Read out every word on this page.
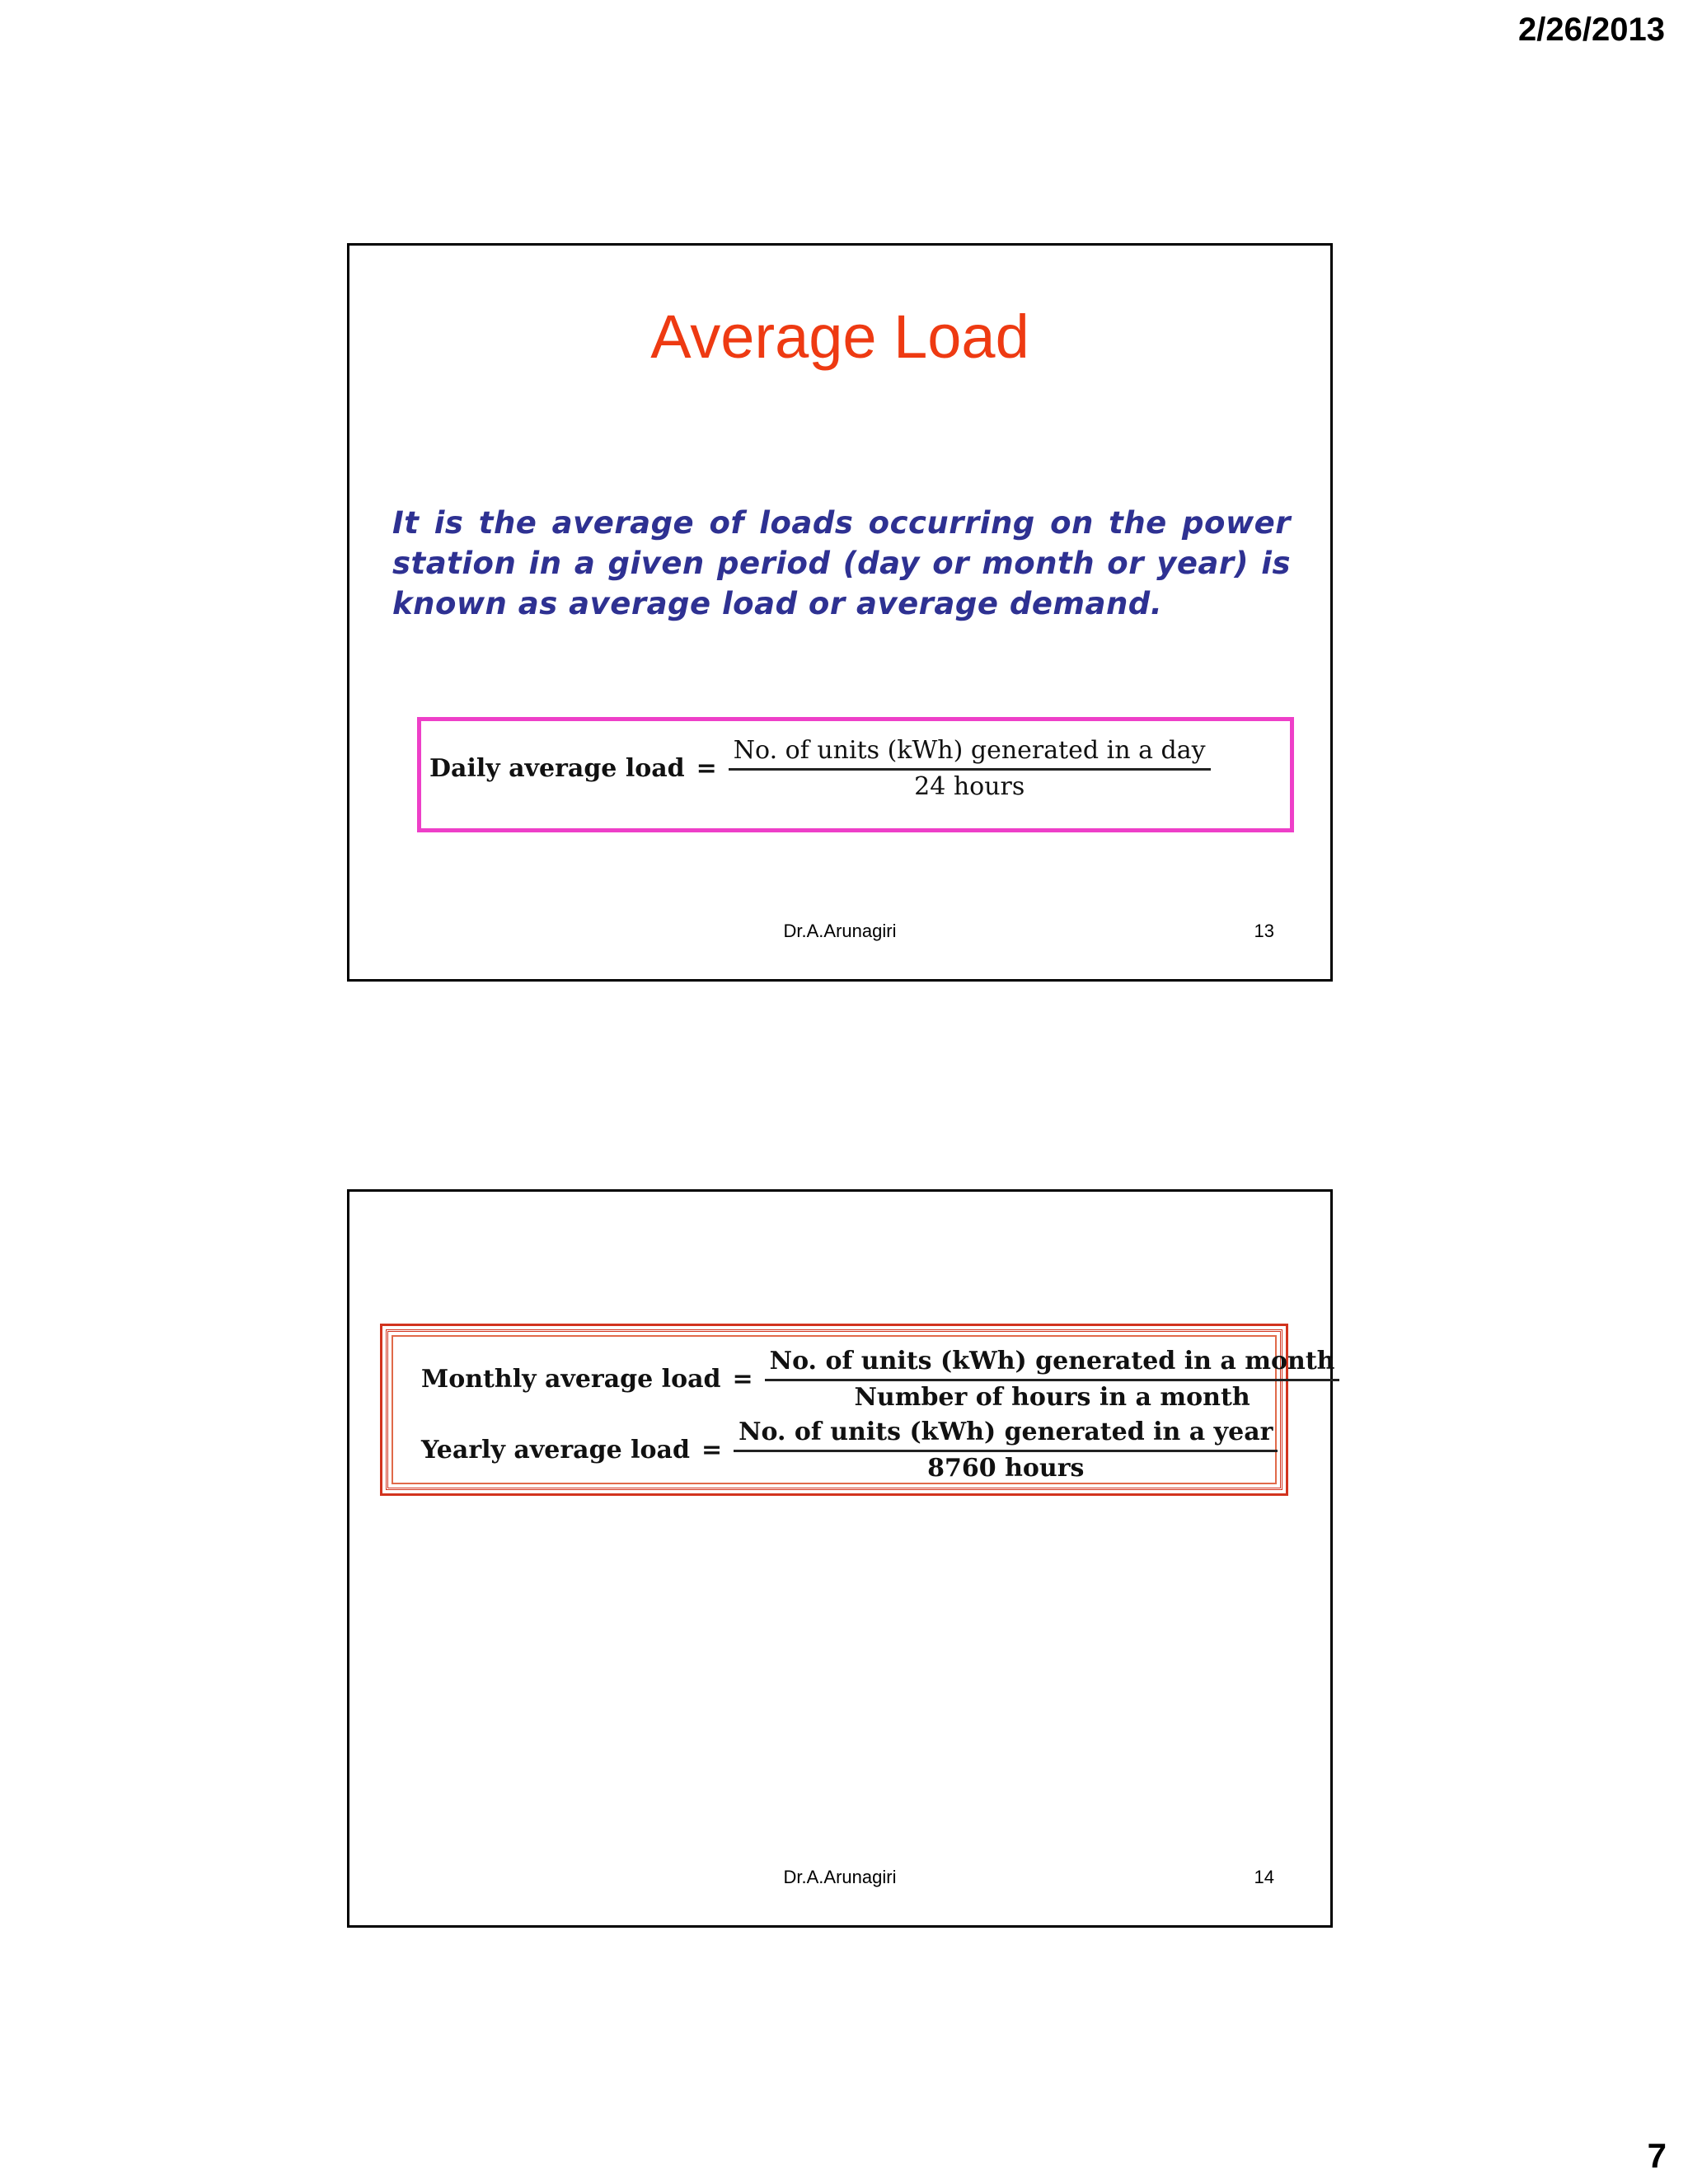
2/26/2013
Average Load

It is the average of loads occurring on the power station in a given period (day or month or year) is known as average load or average demand.

Daily average load = $\frac{\text{No. of units (kWh) generated in a day}}{\text{24 hours}}$
Dr.A.Arunagiri	13
Monthly average load = $\frac{\text{No. of units (kWh) generated in a month}}{\text{Number of hours in a month}}$
Yearly average load = $\frac{\text{No. of units (kWh) generated in a year}}{\text{8760 hours}}$
Dr.A.Arunagiri	14
7
